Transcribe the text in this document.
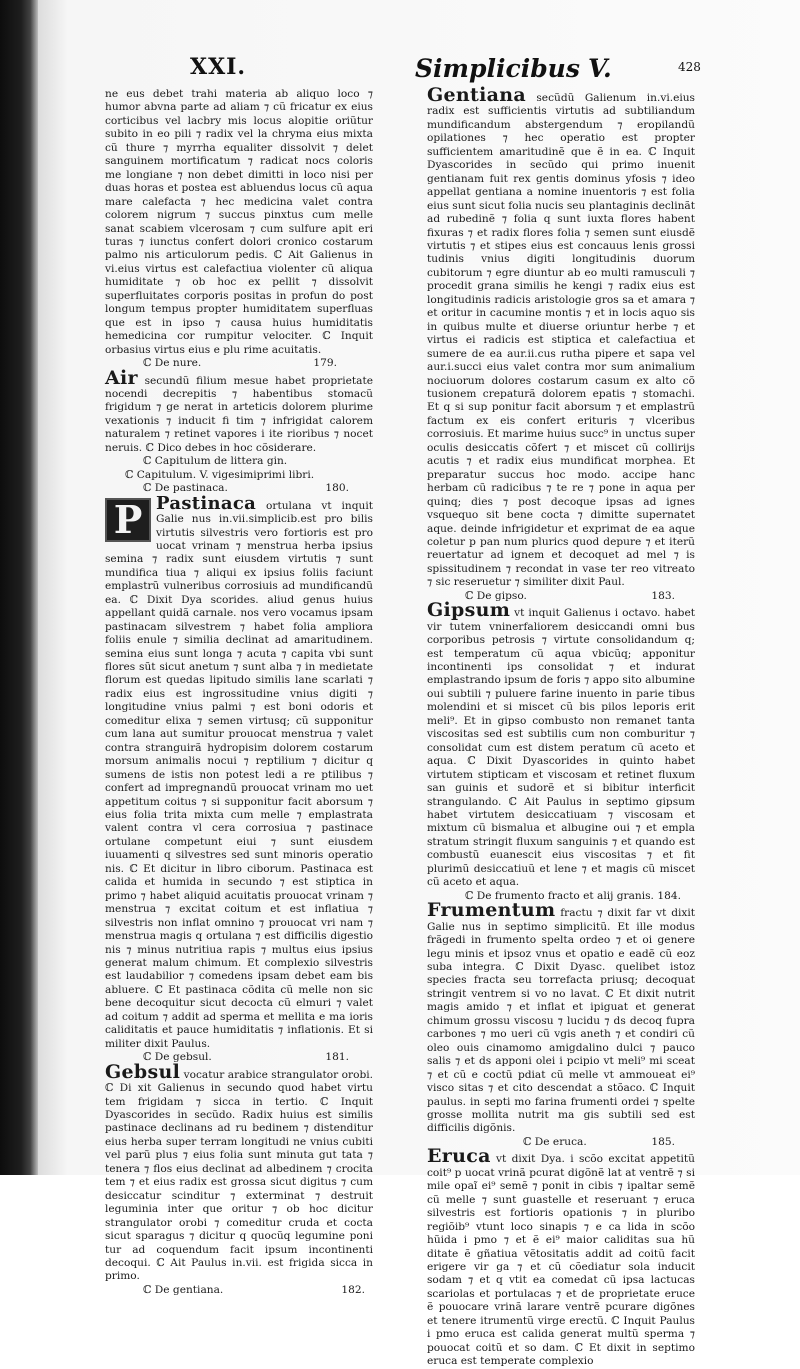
XXI.	Simplicibus V.	428

ne eus debet trahi materia ab aliquo loco ⁊ humor abvna parte ad aliam ⁊ cũ fricatur ex eius corticibus vel lacbry mis locus alopitie oriũtur subito in eo pili ⁊ radix vel la chryma eius mixta cũ thure ⁊ myrrha equaliter dissolvit ⁊ delet sanguinem mortificatum ⁊ radicat nocs coloris me longiane ⁊ non debet dimitti in loco nisi per duas horas et postea est abluendus locus cũ aqua mare calefacta ⁊ hec medicina valet contra colorem nigrum ⁊ succus pinxtus cum melle sanat scabiem vlcerosam ⁊ cum sulfure apit eri turas ⁊ iunctus confert dolori cronico costarum palmo nis articulorum pedis. ℂ Ait Galienus in vi.eius virtus est calefactiua violenter cũ aliqua humiditate ⁊ ob hoc ex pellit ⁊ dissolvit superfluitates corporis positas in profun do post longum tempus propter humiditatem superfluas que est in ipso ⁊ causa huius humiditatis hemedicina cor rumpitur velociter. ℂ Inquit orbasius virtus eius e plu rime acuitatis.

ℂ De nure.	179.

Air secundũ filium mesue habet proprietate nocendi decrepitis ⁊ habentibus stomacũ frigidum ⁊ ge nerat in arteticis dolorem plurime vexationis ⁊ inducit fi tim ⁊ infrigidat calorem naturalem ⁊ retinet vapores i ite rioribus ⁊ nocet neruis. ℂ Dico debes in hoc cõsiderare.

ℂ Capitulum de littera gin.
ℂ Capitulum. V. vigesimiprimi libri.
ℂ De pastinaca.	180.

P Pastinaca ortulana vt inquit Galie nus in.vii.simplicib.est pro bilis virtutis silvestris vero fortioris est pro uocat vrinam ⁊ menstrua herba ipsius semina ⁊ radix sunt eiusdem virtutis ⁊ sunt mundifica tiua ⁊ aliqui ex ipsius foliis faciunt emplastrũ vulneribus corrosiuis ad mundificandũ ea. ℂ Dixit Dya scorides. aliud genus huius appellant quidã carnale. nos vero vocamus ipsam pastinacam silvestrem ⁊ habet folia ampliora foliis enule ⁊ similia declinat ad amaritudinem. semina eius sunt longa ⁊ acuta ⁊ capita vbi sunt flores sũt sicut anetum ⁊ sunt alba ⁊ in medietate florum est quedas lipitudo similis lane scarlati ⁊ radix eius est ingrossitudine vnius digiti ⁊ longitudine vnius palmi ⁊ est boni odoris et comeditur elixa ⁊ semen virtusq; cũ supponitur cum lana aut sumitur prouocat menstrua ⁊ valet contra stranguirã hydropisim dolorem costarum morsum animalis nocui ⁊ reptilium ⁊ dicitur q sumens de istis non potest ledi a re ptilibus ⁊ confert ad impregnandũ prouocat vrinam mo uet appetitum coitus ⁊ si supponitur facit aborsum ⁊ eius folia trita mixta cum melle ⁊ emplastrata valent contra vl cera corrosiua ⁊ pastinace ortulane competunt eiui ⁊ sunt eiusdem iuuamenti q silvestres sed sunt minoris operatio nis. ℂ Et dicitur in libro ciborum. Pastinaca est calida et humida in secundo ⁊ est stiptica in primo ⁊ habet aliquid acuitatis prouocat vrinam ⁊ menstrua ⁊ excitat coitum et est inflatiua ⁊ silvestris non inflat omnino ⁊ prouocat vri nam ⁊ menstrua magis q ortulana ⁊ est difficilis digestio nis ⁊ minus nutritiua rapis ⁊ multus eius ipsius generat malum chimum. Et complexio silvestris est laudabilior ⁊ comedens ipsam debet eam bis abluere. ℂ Et pastinaca cõdita cũ melle non sic bene decoquitur sicut decocta cũ elmuri ⁊ valet ad coitum ⁊ addit ad sperma et mellita e ma ioris caliditatis et pauce humiditatis ⁊ inflationis. Et si militer dixit Paulus.

ℂ De gebsul.	181.

Gebsul vocatur arabice strangulator orobi. ℂ Di xit Galienus in secundo quod habet virtu tem frigidam ⁊ sicca in tertio. ℂ Inquit Dyascorides in secũdo. Radix huius est similis pastinace declinans ad ru bedinem ⁊ distenditur eius herba super terram longitudi ne vnius cubiti vel parũ plus ⁊ eius folia sunt minuta gut tata ⁊ tenera ⁊ flos eius declinat ad albedinem ⁊ crocita tem ⁊ et eius radix est grossa sicut digitus ⁊ cum desiccatur scinditur ⁊ exterminat ⁊ destruit leguminia inter que oritur ⁊ ob hoc dicitur strangulator orobi ⁊ comeditur cruda et cocta sicut sparagus ⁊ dicitur q quocũq legumine poni tur ad coquendum facit ipsum incontinenti decoqui. ℂ Ait Paulus in.vii. est frigida sicca in primo.

ℂ De gentiana.	182.

Gentiana secũdũ Galienum in.vi.eius radix est sufficientis virtutis ad subtiliandum mundificandum abstergendum ⁊ eropilandũ opilationes ⁊ hec operatio est propter sufficientem amaritudinẽ que ẽ in ea. ℂ Inquit Dyascorides in secũdo qui primo inuenit gentianam fuit rex gentis dominus yfosis ⁊ ideo appellat gentiana a nomine inuentoris ⁊ est folia eius sunt sicut folia nucis seu plantaginis declinãt ad rubedinẽ ⁊ folia q sunt iuxta flores habent fixuras ⁊ et radix flores folia ⁊ semen sunt eiusdẽ virtutis ⁊ et stipes eius est concauus lenis grossi tudinis vnius digiti longitudinis duorum cubitorum ⁊ egre diuntur ab eo multi ramusculi ⁊ procedit grana similis he kengi ⁊ radix eius est longitudinis radicis aristologie gros sa et amara ⁊ et oritur in cacumine montis ⁊ et in locis aquo sis in quibus multe et diuerse oriuntur herbe ⁊ et virtus ei radicis est stiptica et calefactiua et sumere de ea aur.ii.cus rutha pipere et sapa vel aur.i.succi eius valet contra mor sum animalium nociuorum dolores costarum casum ex alto cõ tusionem crepaturã dolorem epatis ⁊ stomachi. Et q si sup ponitur facit aborsum ⁊ et emplastrũ factum ex eis confert erituris ⁊ vlceribus corrosiuis. Et marime huius succ⁹ in unctus super oculis desiccatis cõfert ⁊ et miscet cũ collirijs acutis ⁊ et radix eius mundificat morphea. Et preparatur succus hoc modo. accipe hanc herbam cũ radicibus ⁊ te re ⁊ pone in aqua per quinq; dies ⁊ post decoque ipsas ad ignes vsquequo sit bene cocta ⁊ dimitte supernatet aque. deinde infrigidetur et exprimat de ea aque coletur p pan num plurics quod depure ⁊ et iterũ reuertatur ad ignem et decoquet ad mel ⁊ is spissitudinem ⁊ recondat in vase ter reo vitreato ⁊ sic reseruetur ⁊ similiter dixit Paul.

ℂ De gipso.	183.

Gipsum vt inquit Galienus i octavo. habet vir tutem vninerfaliorem desiccandi omni bus corporibus petrosis ⁊ virtute consolidandum q; est temperatum cũ aqua vbicũq; apponitur incontinenti ips consolidat ⁊ et indurat emplastrando ipsum de foris ⁊ appo sito albumine oui subtili ⁊ puluere farine inuento in parie tibus molendini et si miscet cũ bis pilos leporis erit meli⁹. Et in gipso combusto non remanet tanta viscositas sed est subtilis cum non comburitur ⁊ consolidat cum est distem peratum cũ aceto et aqua. ℂ Dixit Dyascorides in quinto habet virtutem stipticam et viscosam et retinet fluxum san guinis et sudorẽ et si bibitur interficit strangulando. ℂ Ait Paulus in septimo gipsum habet virtutem desiccatiuam ⁊ viscosam et mixtum cũ bismalua et albugine oui ⁊ et empla stratum stringit fluxum sanguinis ⁊ et quando est combustũ euanescit eius viscositas ⁊ et fit plurimũ desiccatiuũ et lene ⁊ et magis cũ miscet cũ aceto et aqua.

ℂ De frumento fracto et alij granis. 184.

Frumentum fractu ⁊ dixit far vt dixit Galie nus in septimo simplicitũ. Et ille modus frãgedi in frumento spelta ordeo ⁊ et oi genere legu minis et ipsoz vnus et opatio e eadẽ cũ eoz suba integra. ℂ Dixit Dyasc. quelibet istoz species fracta seu torrefacta priusq; decoquat stringit ventrem si vo no lavat. ℂ Et dixit nutrit magis amido ⁊ et inflat et ipiguat et generat chimum grossu viscosu ⁊ lucidu ⁊ ds decoq fupra carbones ⁊ mo ueri cũ vgis aneth ⁊ et condiri cũ oleo ouis cinamomo amigdalino dulci ⁊ pauco salis ⁊ et ds apponi olei i pcipio vt meli⁹ mi sceat ⁊ et cũ e coctũ pdiat cũ melle vt ammoueat ei⁹ visco sitas ⁊ et cito descendat a stõaco. ℂ Inquit paulus. in septi mo farina frumenti ordei ⁊ spelte grosse mollita nutrit ma gis subtili sed est difficilis digõnis.

ℂ De eruca.	185.

Eruca vt dixit Dya. i scõo excitat appetitũ coit⁹ p uocat vrinã pcurat digõnẽ lat at ventrẽ ⁊ si mile opaĩ ei⁹ semẽ ⁊ ponit in cibis ⁊ ipaltar semẽ cũ melle ⁊ sunt guastelle et reseruant ⁊ eruca silvestris est fortioris opationis ⁊ in pluribo regiõib⁹ vtunt loco sinapis ⁊ e ca lida in scõo hũida i pmo ⁊ et ẽ ei⁹ maior caliditas sua hũ ditate ẽ gñatiua vẽtositatis addit ad coitũ facit erigere vir ga ⁊ et cũ cõediatur sola inducit sodam ⁊ et q vtit ea comedat cũ ipsa lactucas scariolas et portulacas ⁊ et de proprietate eruce ẽ pouocare vrinã larare ventrẽ pcurare digõnes et tenere itrumentũ virge erectũ. ℂ Inquit Paulus i pmo eruca est calida generat multũ sperma ⁊ pouocat coitũ et so dam. ℂ Et dixit in septimo eruca est temperate complexio
